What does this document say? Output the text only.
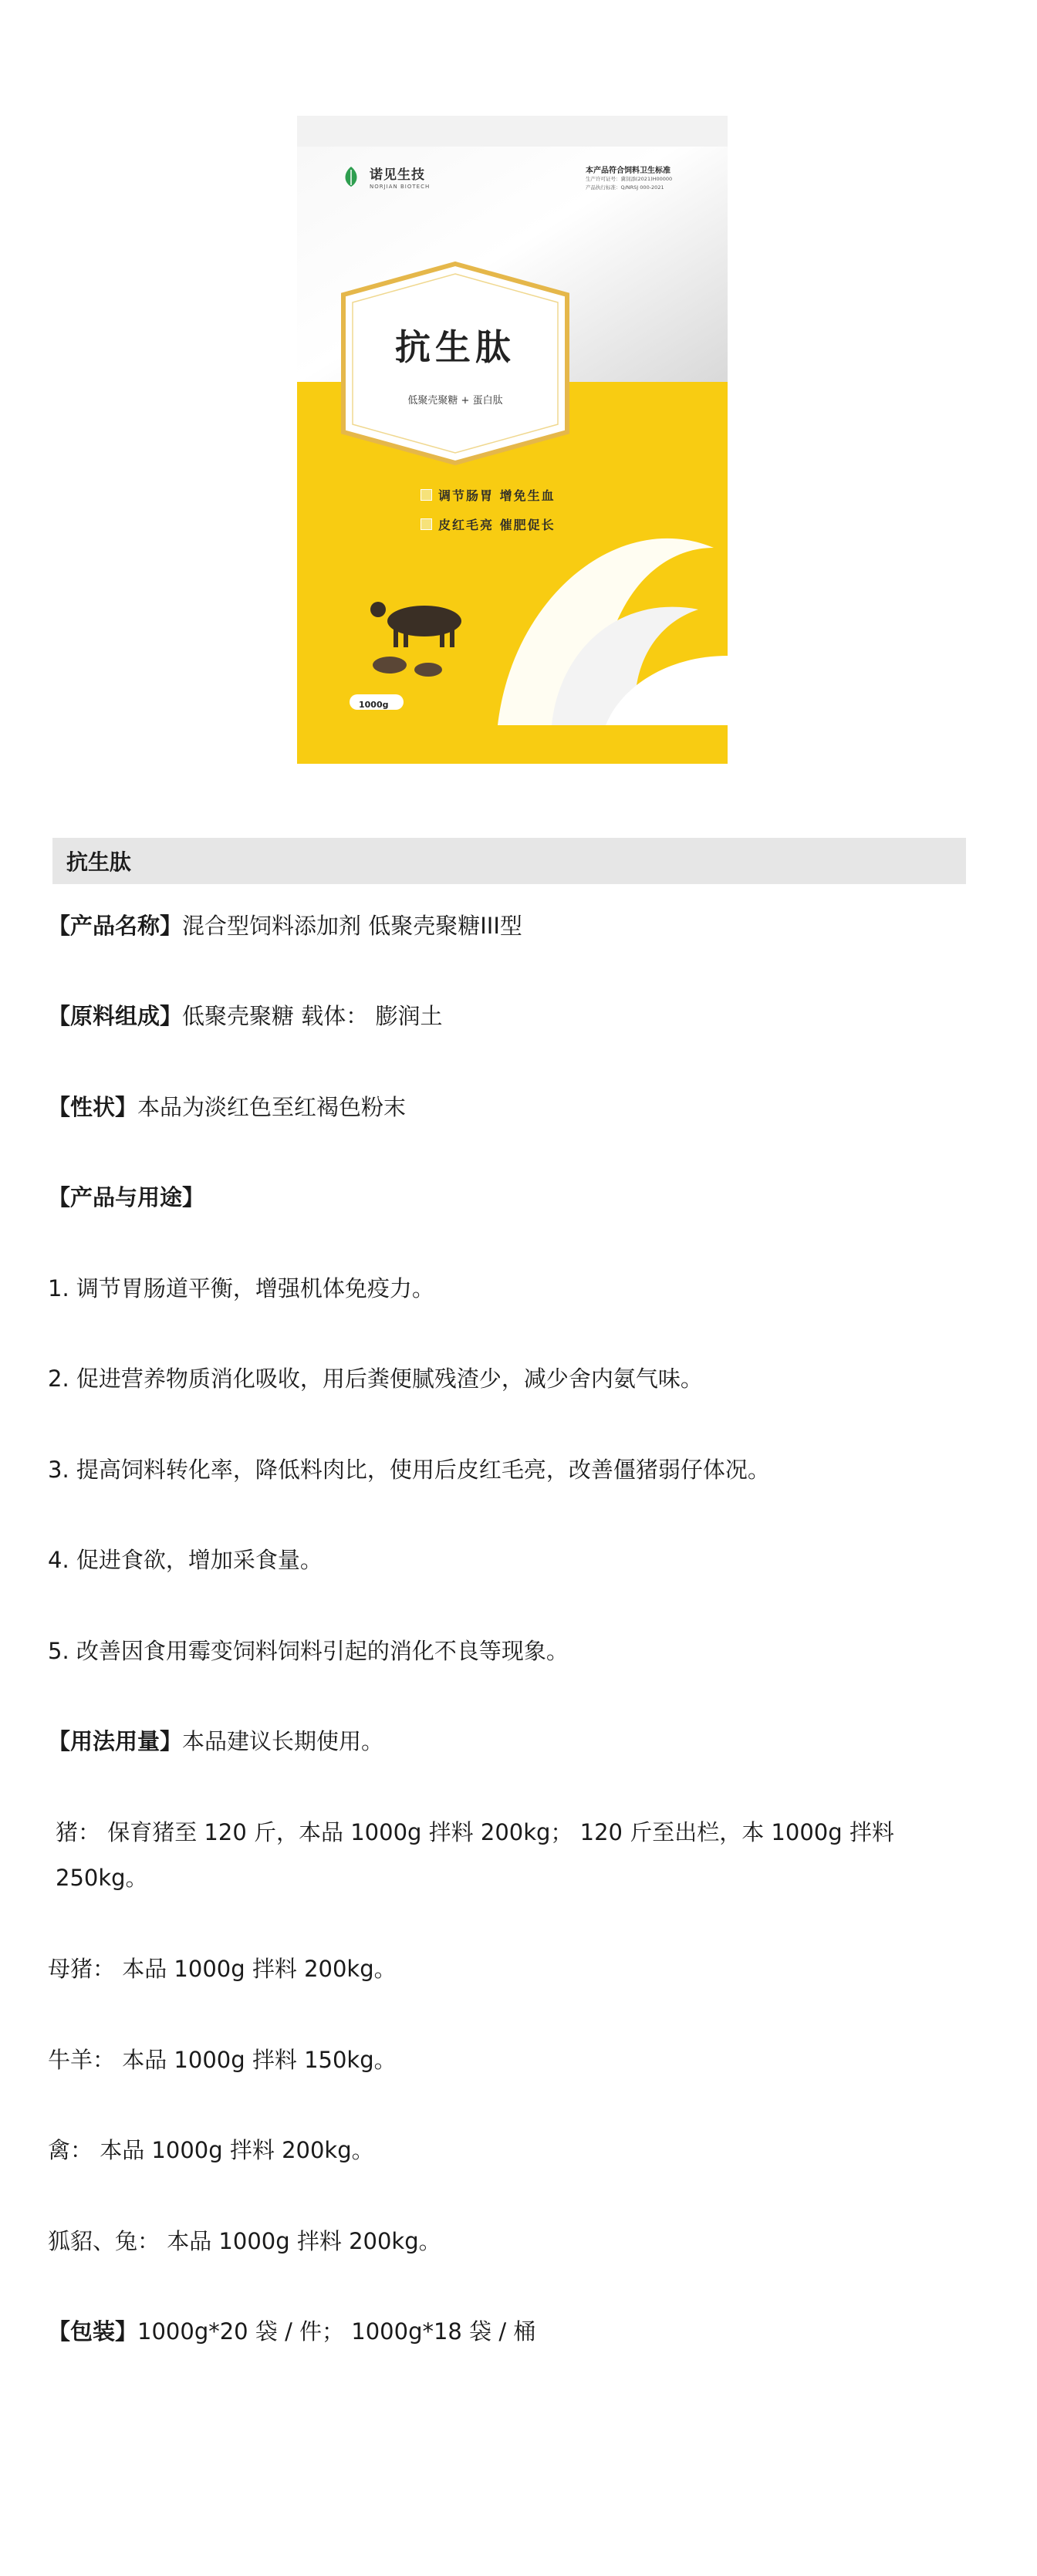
诺见生技
NORJIAN BIOTECH
本产品符合饲料卫生标准
生产许可证号：冀饲添(2021)H00000
产品执行标准：Q/NRSJ 000-2021
抗生肽
低聚壳聚糖 + 蛋白肽
调节肠胃 增免生血
皮红毛亮 催肥促长
1000g
抗生肽
【产品名称】混合型饲料添加剂 低聚壳聚糖III型
【原料组成】低聚壳聚糖 载体： 膨润土
【性状】本品为淡红色至红褐色粉末
【产品与用途】
1. 调节胃肠道平衡，增强机体免疫力。
2. 促进营养物质消化吸收，用后粪便腻残渣少，减少舍内氨气味。
3. 提高饲料转化率，降低料肉比，使用后皮红毛亮，改善僵猪弱仔体况。
4. 促进食欲，增加采食量。
5. 改善因食用霉变饲料饲料引起的消化不良等现象。
【用法用量】本品建议长期使用。
猪： 保育猪至 120 斤，本品 1000g 拌料 200kg； 120 斤至出栏，本 1000g 拌料 250kg。
母猪： 本品 1000g 拌料 200kg。
牛羊： 本品 1000g 拌料 150kg。
禽： 本品 1000g 拌料 200kg。
狐貂、兔： 本品 1000g 拌料 200kg。
【包装】1000g*20 袋 / 件； 1000g*18 袋 / 桶
